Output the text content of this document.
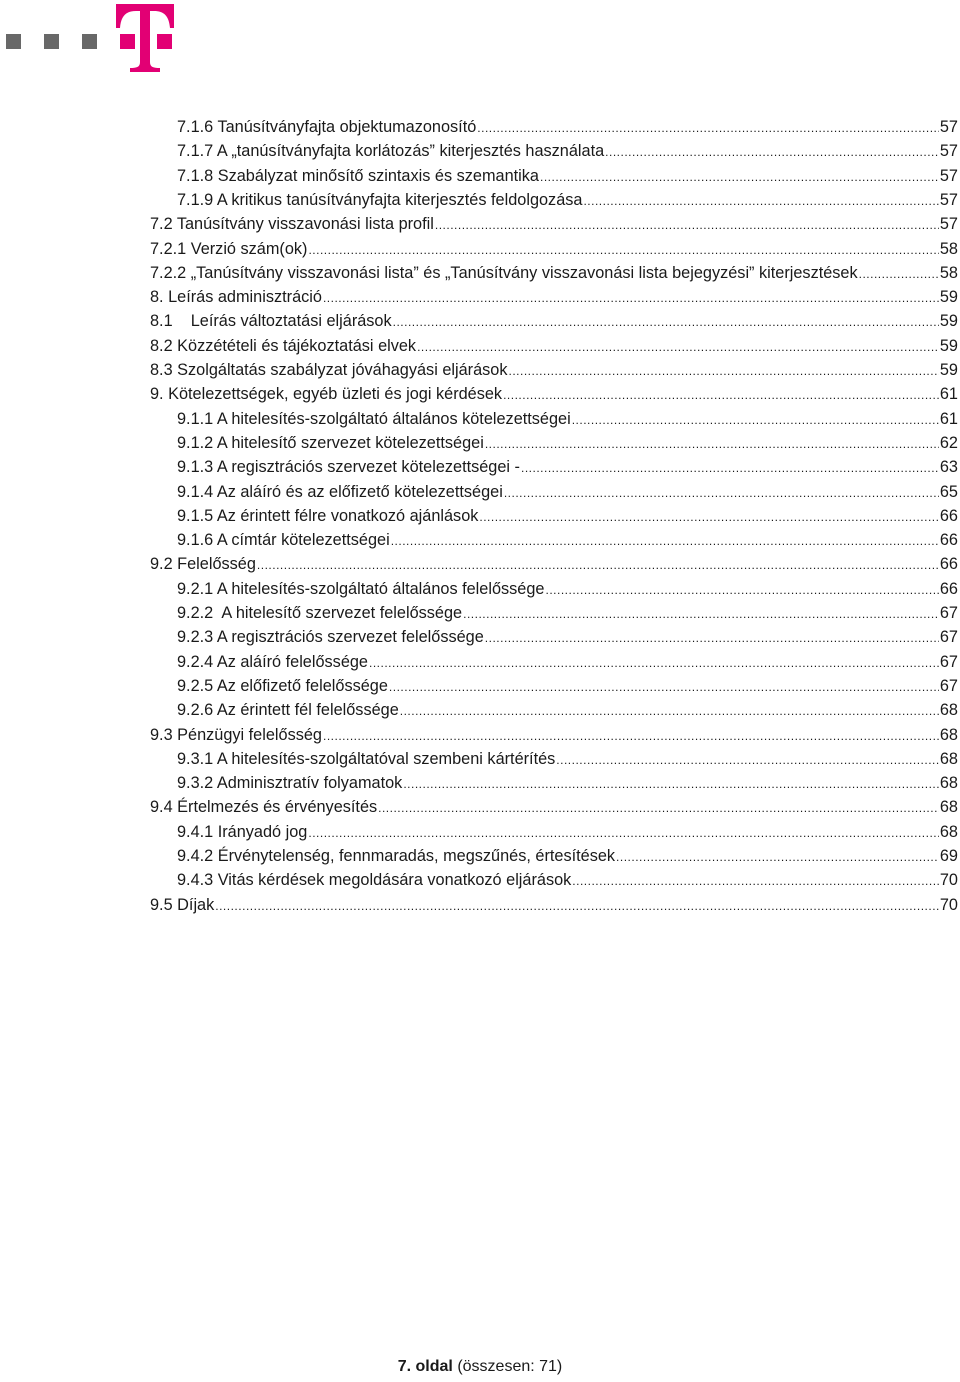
7.1.6 Tanúsítványfajta objektumazonosító .....	57
7.1.7 A „tanúsítványfajta korlátozás” kiterjesztés használata .....	57
7.1.8 Szabályzat minősítő szintaxis és szemantika .....	57
7.1.9 A kritikus tanúsítványfajta kiterjesztés feldolgozása .....	57
7.2 Tanúsítvány visszavonási lista profil .....	57
7.2.1 Verzió szám(ok) .....	58
7.2.2 „Tanúsítvány visszavonási lista” és „Tanúsítvány visszavonási lista bejegyzési” kiterjesztések .....	58
8. Leírás adminisztráció .....	59
8.1    Leírás változtatási eljárások .....	59
8.2 Közzétételi és tájékoztatási elvek .....	59
8.3 Szolgáltatás szabályzat jóváhagyási eljárások .....	59
9. Kötelezettségek, egyéb üzleti és jogi kérdések .....	61
9.1.1 A hitelesítés-szolgáltató általános kötelezettségei .....	61
9.1.2 A hitelesítő szervezet kötelezettségei .....	62
9.1.3 A regisztrációs szervezet kötelezettségei - .....	63
9.1.4 Az aláíró és az előfizető kötelezettségei .....	65
9.1.5 Az érintett félre vonatkozó ajánlások .....	66
9.1.6 A címtár kötelezettségei .....	66
9.2 Felelősség .....	66
9.2.1 A hitelesítés-szolgáltató általános felelőssége .....	66
9.2.2  A hitelesítő szervezet felelőssége .....	67
9.2.3 A regisztrációs szervezet felelőssége .....	67
9.2.4 Az aláíró felelőssége .....	67
9.2.5 Az előfizető felelőssége .....	67
9.2.6 Az érintett fél felelőssége .....	68
9.3 Pénzügyi felelősség .....	68
9.3.1 A hitelesítés-szolgáltatóval szembeni kártérítés .....	68
9.3.2 Adminisztratív folyamatok .....	68
9.4 Értelmezés és érvényesítés .....	68
9.4.1 Irányadó jog .....	68
9.4.2 Érvénytelenség, fennmaradás, megszűnés, értesítések .....	69
9.4.3 Vitás kérdések megoldására vonatkozó eljárások .....	70
9.5 Díjak .....	70
7. oldal (összesen: 71)
